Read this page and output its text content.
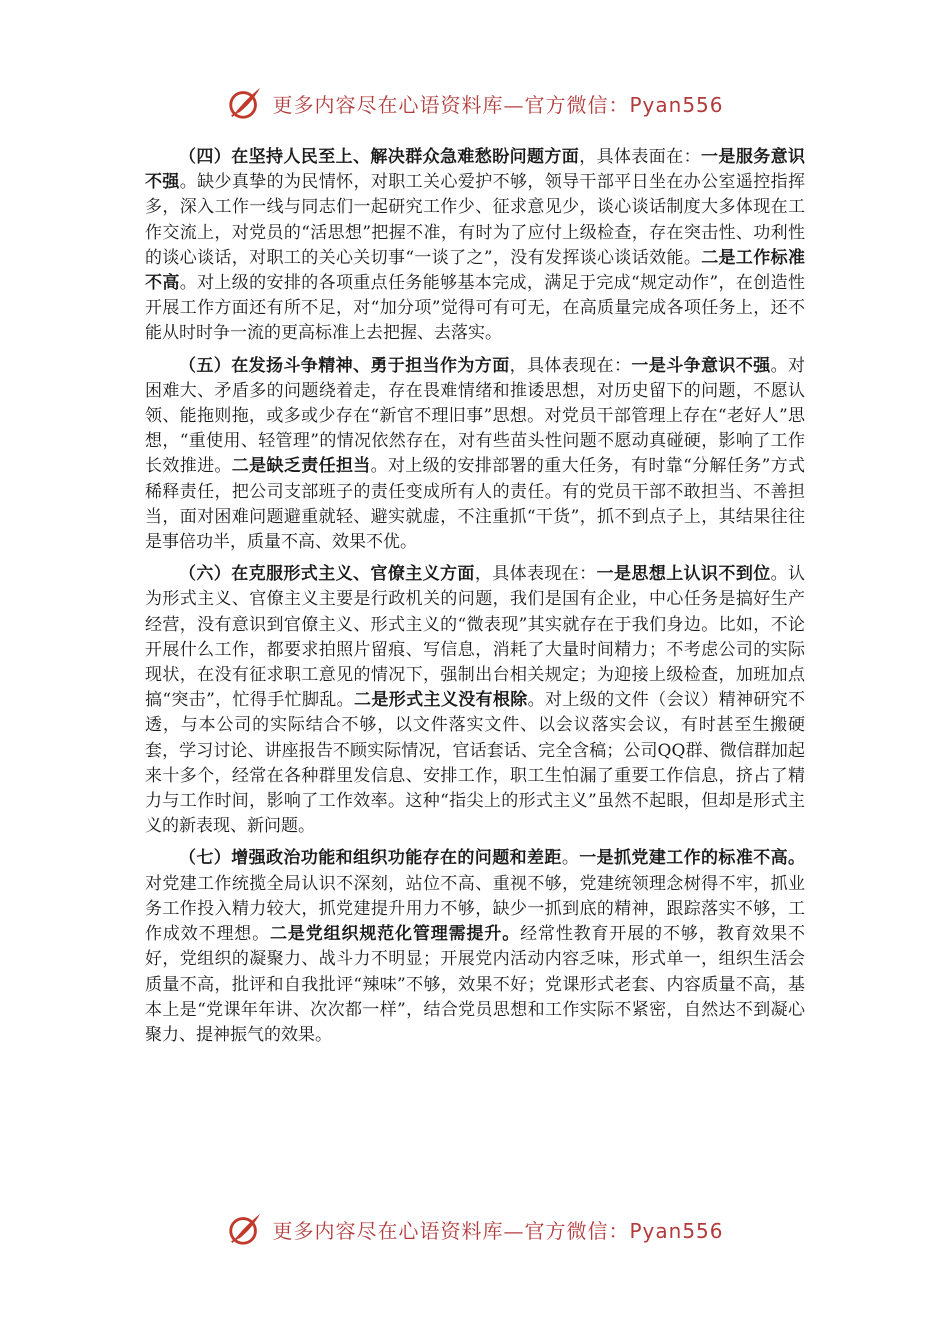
更多内容尽在心语资料库—官方微信：Pyan556

（四）在坚持人民至上、解决群众急难愁盼问题方面，具体表面在：一是服务意识不强。缺少真挚的为民情怀，对职工关心爱护不够，领导干部平日坐在办公室遥控指挥多，深入工作一线与同志们一起研究工作少、征求意见少，谈心谈话制度大多体现在工作交流上，对党员的“活思想”把握不准，有时为了应付上级检查，存在突击性、功利性的谈心谈话，对职工的关心关切事“一谈了之”，没有发挥谈心谈话效能。二是工作标准不高。对上级的安排的各项重点任务能够基本完成，满足于完成“规定动作”，在创造性开展工作方面还有所不足，对“加分项”觉得可有可无，在高质量完成各项任务上，还不能从时时争一流的更高标准上去把握、去落实。

（五）在发扬斗争精神、勇于担当作为方面，具体表现在：一是斗争意识不强。对困难大、矛盾多的问题绕着走，存在畏难情绪和推诿思想，对历史留下的问题，不愿认领、能拖则拖，或多或少存在“新官不理旧事”思想。对党员干部管理上存在“老好人”思想，“重使用、轻管理”的情况依然存在，对有些苗头性问题不愿动真碰硬，影响了工作长效推进。二是缺乏责任担当。对上级的安排部署的重大任务，有时靠“分解任务”方式稀释责任，把公司支部班子的责任变成所有人的责任。有的党员干部不敢担当、不善担当，面对困难问题避重就轻、避实就虚，不注重抓“干货”，抓不到点子上，其结果往往是事倍功半，质量不高、效果不优。

（六）在克服形式主义、官僚主义方面，具体表现在：一是思想上认识不到位。认为形式主义、官僚主义主要是行政机关的问题，我们是国有企业，中心任务是搞好生产经营，没有意识到官僚主义、形式主义的“微表现”其实就存在于我们身边。比如，不论开展什么工作，都要求拍照片留痕、写信息，消耗了大量时间精力；不考虑公司的实际现状，在没有征求职工意见的情况下，强制出台相关规定；为迎接上级检查，加班加点搞“突击”，忙得手忙脚乱。二是形式主义没有根除。对上级的文件（会议）精神研究不透，与本公司的实际结合不够，以文件落实文件、以会议落实会议，有时甚至生搬硬套，学习讨论、讲座报告不顾实际情况，官话套话、完全含稿；公司QQ群、微信群加起来十多个，经常在各种群里发信息、安排工作，职工生怕漏了重要工作信息，挤占了精力与工作时间，影响了工作效率。这种“指尖上的形式主义”虽然不起眼，但却是形式主义的新表现、新问题。

（七）增强政治功能和组织功能存在的问题和差距。一是抓党建工作的标准不高。对党建工作统揽全局认识不深刻，站位不高、重视不够，党建统领理念树得不牢，抓业务工作投入精力较大，抓党建提升用力不够，缺少一抓到底的精神，跟踪落实不够，工作成效不理想。二是党组织规范化管理需提升。经常性教育开展的不够，教育效果不好，党组织的凝聚力、战斗力不明显；开展党内活动内容乏味，形式单一，组织生活会质量不高，批评和自我批评“辣味”不够，效果不好；党课形式老套、内容质量不高，基本上是“党课年年讲、次次都一样”，结合党员思想和工作实际不紧密，自然达不到凝心聚力、提神振气的效果。

更多内容尽在心语资料库—官方微信：Pyan556
